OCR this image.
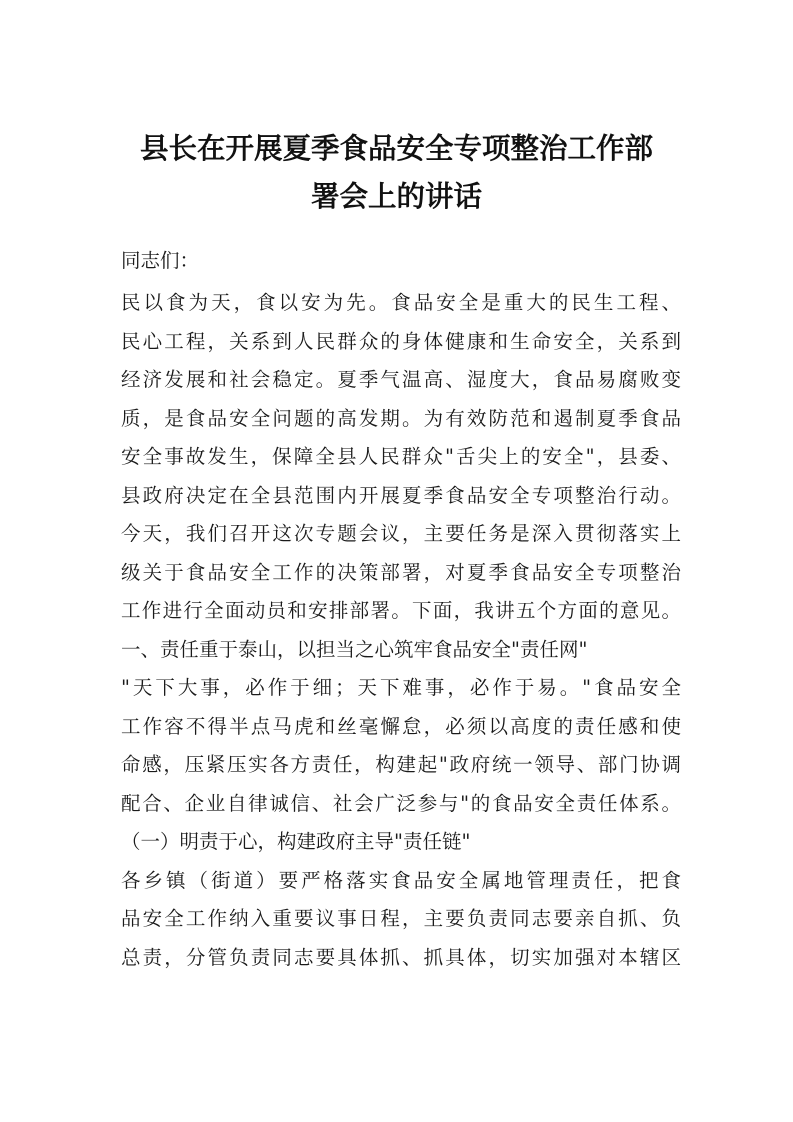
县长在开展夏季食品安全专项整治工作部
署会上的讲话

同志们：

民以食为天，食以安为先。食品安全是重大的民生工程、

民心工程，关系到人民群众的身体健康和生命安全，关系到

经济发展和社会稳定。夏季气温高、湿度大，食品易腐败变

质，是食品安全问题的高发期。为有效防范和遏制夏季食品

安全事故发生，保障全县人民群众"舌尖上的安全"，县委、

县政府决定在全县范围内开展夏季食品安全专项整治行动。

今天，我们召开这次专题会议，主要任务是深入贯彻落实上

级关于食品安全工作的决策部署，对夏季食品安全专项整治

工作进行全面动员和安排部署。下面，我讲五个方面的意见。

一、责任重于泰山，以担当之心筑牢食品安全"责任网"

"天下大事，必作于细；天下难事，必作于易。"食品安全

工作容不得半点马虎和丝毫懈怠，必须以高度的责任感和使

命感，压紧压实各方责任，构建起"政府统一领导、部门协调

配合、企业自律诚信、社会广泛参与"的食品安全责任体系。

（一）明责于心，构建政府主导"责任链"

各乡镇（街道）要严格落实食品安全属地管理责任，把食

品安全工作纳入重要议事日程，主要负责同志要亲自抓、负

总责，分管负责同志要具体抓、抓具体，切实加强对本辖区
